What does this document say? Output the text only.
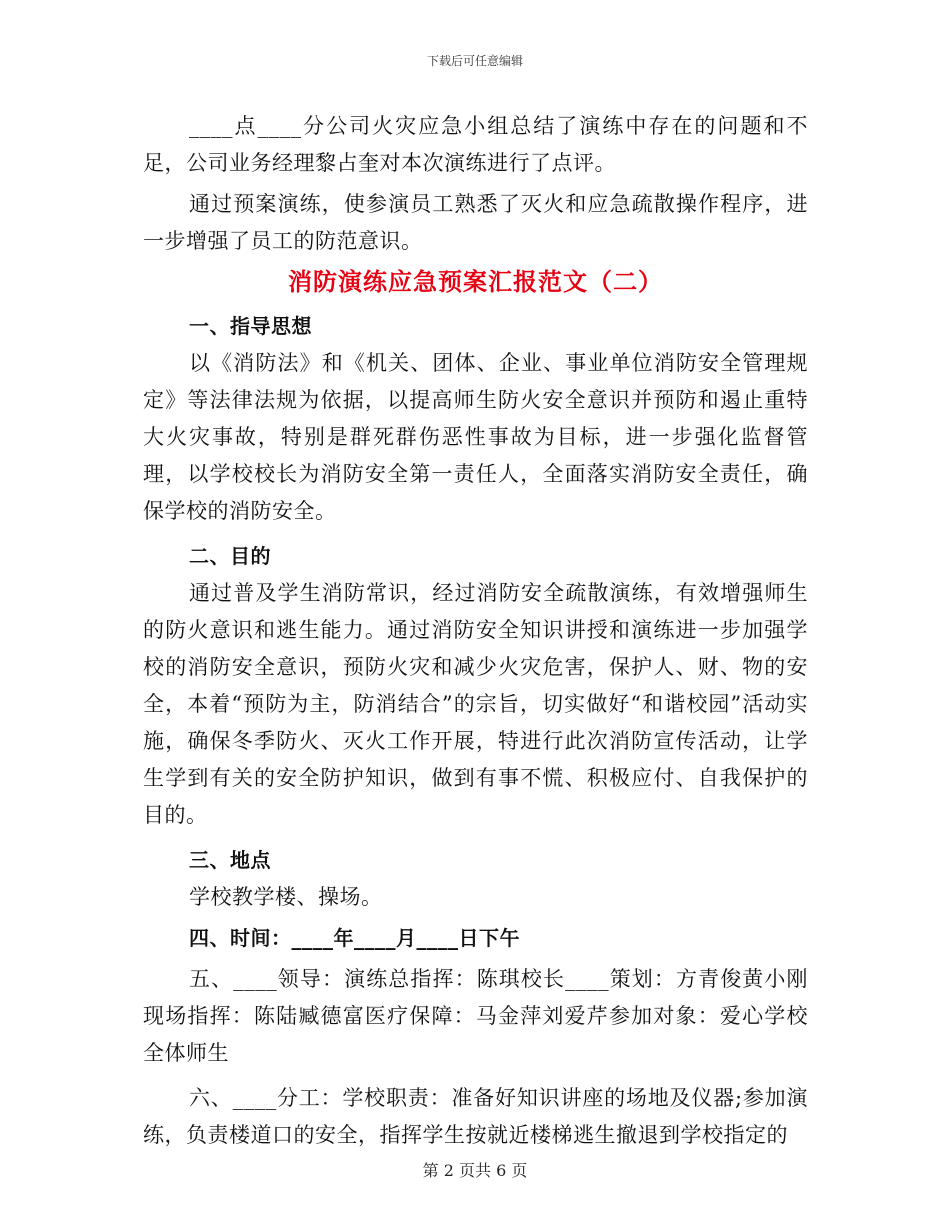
下载后可任意编辑

____点____分公司火灾应急小组总结了演练中存在的问题和不足，公司业务经理黎占奎对本次演练进行了点评。

通过预案演练，使参演员工熟悉了灭火和应急疏散操作程序，进一步增强了员工的防范意识。

消防演练应急预案汇报范文（二）

一、指导思想

以《消防法》和《机关、团体、企业、事业单位消防安全管理规定》等法律法规为依据，以提高师生防火安全意识并预防和遏止重特大火灾事故，特别是群死群伤恶性事故为目标，进一步强化监督管理，以学校校长为消防安全第一责任人，全面落实消防安全责任，确保学校的消防安全。

二、目的

通过普及学生消防常识，经过消防安全疏散演练，有效增强师生的防火意识和逃生能力。通过消防安全知识讲授和演练进一步加强学校的消防安全意识，预防火灾和减少火灾危害，保护人、财、物的安全，本着“预防为主，防消结合”的宗旨，切实做好“和谐校园”活动实施，确保冬季防火、灭火工作开展，特进行此次消防宣传活动，让学生学到有关的安全防护知识，做到有事不慌、积极应付、自我保护的目的。

三、地点

学校教学楼、操场。

四、时间：____年____月____日下午

五、____领导：演练总指挥：陈琪校长____策划：方青俊黄小刚现场指挥：陈陆臧德富医疗保障：马金萍刘爱芹参加对象：爱心学校全体师生

六、____分工：学校职责：准备好知识讲座的场地及仪器;参加演练，负责楼道口的安全，指挥学生按就近楼梯逃生撤退到学校指定的

第 2 页共 6 页
